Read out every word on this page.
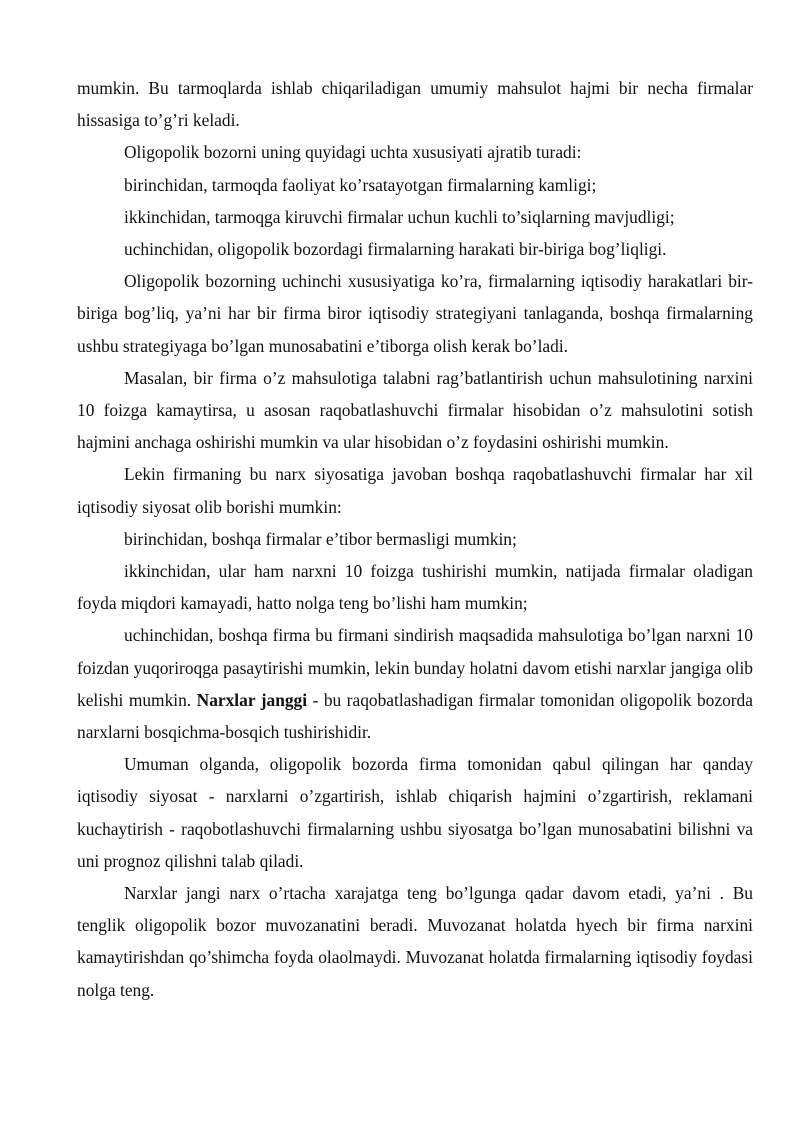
mumkin. Bu tarmoqlarda ishlab chiqariladigan umumiy mahsulot hajmi bir necha firmalar hissasiga to’g’ri keladi.

Oligopolik bozorni uning quyidagi uchta xususiyati ajratib turadi:

birinchidan, tarmoqda faoliyat ko’rsatayotgan firmalarning kamligi;

ikkinchidan, tarmoqga kiruvchi firmalar uchun kuchli to’siqlarning mavjudligi;

uchinchidan, oligopolik bozordagi firmalarning harakati bir-biriga bog’liqligi.

Oligopolik bozorning uchinchi xususiyatiga ko’ra, firmalarning iqtisodiy harakatlari bir-biriga bog’liq, ya’ni har bir firma biror iqtisodiy strategiyani tanlaganda, boshqa firmalarning ushbu strategiyaga bo’lgan munosabatini e’tiborga olish kerak bo’ladi.

Masalan, bir firma o’z mahsulotiga talabni rag’batlantirish uchun mahsulotining narxini 10 foizga kamaytirsa, u asosan raqobatlashuvchi firmalar hisobidan o’z mahsulotini sotish hajmini anchaga oshirishi mumkin va ular hisobidan o’z foydasini oshirishi mumkin.

Lekin firmaning bu narx siyosatiga javoban boshqa raqobatlashuvchi firmalar har xil iqtisodiy siyosat olib borishi mumkin:

birinchidan, boshqa firmalar e’tibor bermasligi mumkin;

ikkinchidan, ular ham narxni 10 foizga tushirishi mumkin, natijada firmalar oladigan foyda miqdori kamayadi, hatto nolga teng bo’lishi ham mumkin;

uchinchidan, boshqa firma bu firmani sindirish maqsadida mahsulotiga bo’lgan narxni 10 foizdan yuqoriroqga pasaytirishi mumkin, lekin bunday holatni davom etishi narxlar jangiga olib kelishi mumkin. Narxlar janggi - bu raqobatlashadigan firmalar tomonidan oligopolik bozorda narxlarni bosqichma-bosqich tushirishidir.

Umuman olganda, oligopolik bozorda firma tomonidan qabul qilingan har qanday iqtisodiy siyosat - narxlarni o’zgartirish, ishlab chiqarish hajmini o’zgartirish, reklamani kuchaytirish - raqobotlashuvchi firmalarning ushbu siyosatga bo’lgan munosabatini bilishni va uni prognoz qilishni talab qiladi.

Narxlar jangi narx o’rtacha xarajatga teng bo’lgunga qadar davom etadi, ya’ni . Bu tenglik oligopolik bozor muvozanatini beradi. Muvozanat holatda hyech bir firma narxini kamaytirishdan qo’shimcha foyda olaolmaydi. Muvozanat holatda firmalarning iqtisodiy foydasi nolga teng.
